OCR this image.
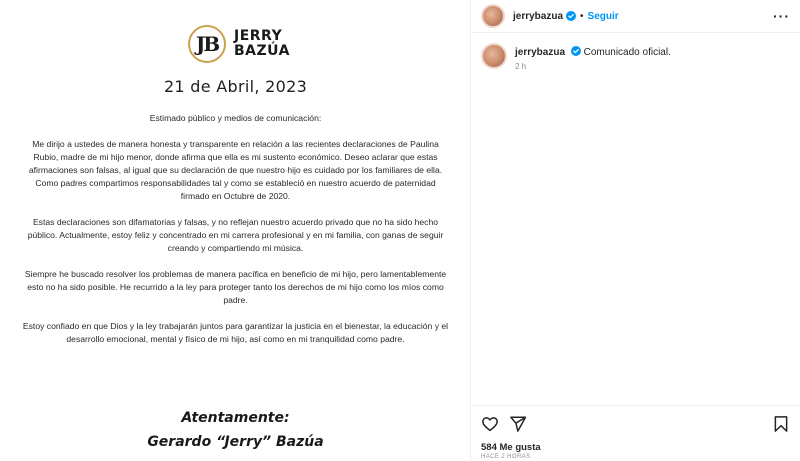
JB	JERRY
BAZÚA
21 de Abril, 2023

Estimado público y medios de comunicación:

Me dirijo a ustedes de manera honesta y transparente en relación a las recientes declaraciones de Paulina Rubio, madre de mi hijo menor, donde afirma que ella es mi sustento económico. Deseo aclarar que estas afirmaciones son falsas, al igual que su declaración de que nuestro hijo es cuidado por los familiares de ella. Como padres compartimos responsabilidades tal y como se estableció en nuestro acuerdo de paternidad firmado en Octubre de 2020.

Estas declaraciones son difamatorias y falsas, y no reflejan nuestro acuerdo privado que no ha sido hecho público. Actualmente, estoy feliz y concentrado en mi carrera profesional y en mi familia, con ganas de seguir creando y compartiendo mi música.

Siempre he buscado resolver los problemas de manera pacífica en beneficio de mi hijo, pero lamentablemente esto no ha sido posible. He recurrido a la ley para proteger tanto los derechos de mi hijo como los míos como padre.

Estoy confiado en que Dios y la ley trabajarán juntos para garantizar la justicia en el bienestar, la educación y el desarrollo emocional, mental y físico de mi hijo, así como en mi tranquilidad como padre.

Atentamente:
Gerardo “Jerry” Bazúa
jerrybazua • Seguir	···
jerrybazua Comunicado oficial.
2 h
584 Me gusta
HACE 2 HORAS
